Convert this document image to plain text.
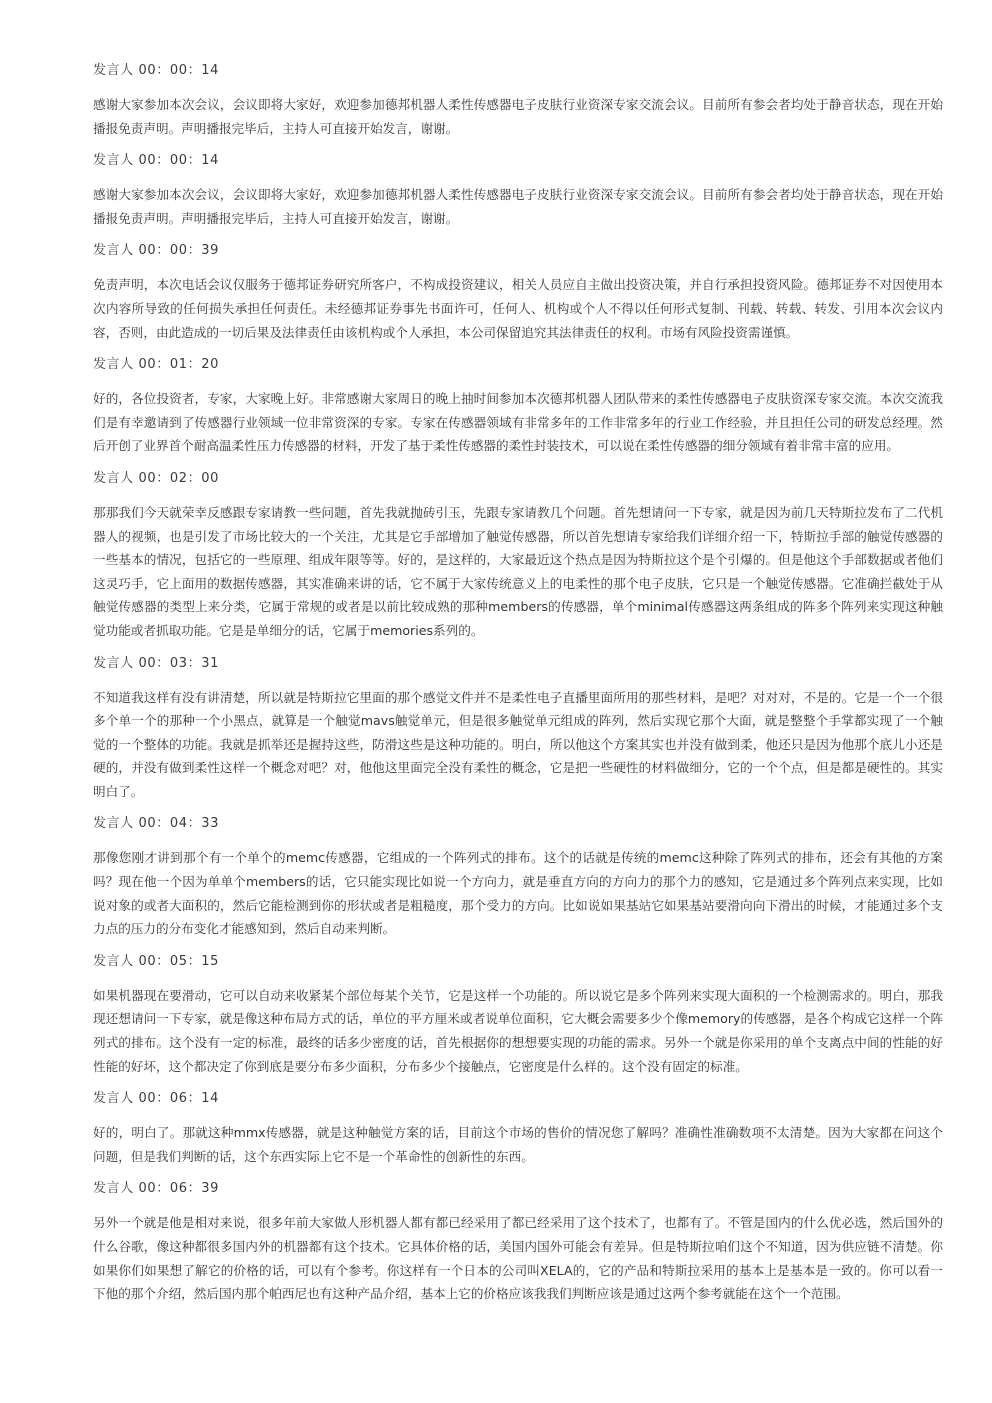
发言人 00：00：14

感谢大家参加本次会议，会议即将大家好，欢迎参加德邦机器人柔性传感器电子皮肤行业资深专家交流会议。目前所有参会者均处于静音状态，现在开始播报免责声明。声明播报完毕后，主持人可直接开始发言，谢谢。

发言人 00：00：14

感谢大家参加本次会议，会议即将大家好，欢迎参加德邦机器人柔性传感器电子皮肤行业资深专家交流会议。目前所有参会者均处于静音状态，现在开始播报免责声明。声明播报完毕后，主持人可直接开始发言，谢谢。

发言人 00：00：39

免责声明，本次电话会议仅服务于德邦证券研究所客户，不构成投资建议，相关人员应自主做出投资决策，并自行承担投资风险。德邦证券不对因使用本次内容所导致的任何损失承担任何责任。未经德邦证券事先书面许可，任何人、机构或个人不得以任何形式复制、刊载、转载、转发、引用本次会议内容，否则，由此造成的一切后果及法律责任由该机构或个人承担，本公司保留追究其法律责任的权利。市场有风险投资需谨慎。

发言人 00：01：20

好的，各位投资者，专家，大家晚上好。非常感谢大家周日的晚上抽时间参加本次德邦机器人团队带来的柔性传感器电子皮肤资深专家交流。本次交流我们是有幸邀请到了传感器行业领域一位非常资深的专家。专家在传感器领域有非常多年的工作非常多年的行业工作经验，并且担任公司的研发总经理。然后开创了业界首个耐高温柔性压力传感器的材料，开发了基于柔性传感器的柔性封装技术，可以说在柔性传感器的细分领域有着非常丰富的应用。

发言人 00：02：00

那那我们今天就荣幸反感跟专家请教一些问题，首先我就抛砖引玉，先跟专家请教几个问题。首先想请问一下专家，就是因为前几天特斯拉发布了二代机器人的视频，也是引发了市场比较大的一个关注，尤其是它手部增加了触觉传感器，所以首先想请专家给我们详细介绍一下，特斯拉手部的触觉传感器的一些基本的情况，包括它的一些原理、组成年限等等。好的，是这样的，大家最近这个热点是因为特斯拉这个是个引爆的。但是他这个手部数据或者他们这灵巧手，它上面用的数据传感器，其实准确来讲的话，它不属于大家传统意义上的电柔性的那个电子皮肤，它只是一个触觉传感器。它准确拦截处于从触觉传感器的类型上来分类，它属于常规的或者是以前比较成熟的那种members的传感器，单个minimal传感器这两条组成的阵多个阵列来实现这种触觉功能或者抓取功能。它是是单细分的话，它属于memories系列的。

发言人 00：03：31

不知道我这样有没有讲清楚，所以就是特斯拉它里面的那个感觉文件并不是柔性电子直播里面所用的那些材料，是吧？对对对，不是的。它是一个一个很多个单一个的那种一个小黑点，就算是一个触觉mavs触觉单元，但是很多触觉单元组成的阵列，然后实现它那个大面，就是整整个手掌都实现了一个触觉的一个整体的功能。我就是抓举还是握持这些，防滑这些是这种功能的。明白，所以他这个方案其实也并没有做到柔，他还只是因为他那个底儿小还是硬的，并没有做到柔性这样一个概念对吧？对，他他这里面完全没有柔性的概念，它是把一些硬性的材料做细分，它的一个个点，但是都是硬性的。其实明白了。

发言人 00：04：33

那像您刚才讲到那个有一个单个的memc传感器，它组成的一个阵列式的排布。这个的话就是传统的memc这种除了阵列式的排布，还会有其他的方案吗？现在他一个因为单单个members的话，它只能实现比如说一个方向力，就是垂直方向的方向力的那个力的感知，它是通过多个阵列点来实现，比如说对象的或者大面积的，然后它能检测到你的形状或者是粗糙度，那个受力的方向。比如说如果基站它如果基站要滑向向下滑出的时候，才能通过多个支力点的压力的分布变化才能感知到，然后自动来判断。

发言人 00：05：15

如果机器现在要滑动，它可以自动来收紧某个部位每某个关节，它是这样一个功能的。所以说它是多个阵列来实现大面积的一个检测需求的。明白，那我现还想请问一下专家，就是像这种布局方式的话，单位的平方厘米或者说单位面积，它大概会需要多少个像memory的传感器，是各个构成它这样一个阵列式的排布。这个没有一定的标准，最终的话多少密度的话，首先根据你的想想要实现的功能的需求。另外一个就是你采用的单个支离点中间的性能的好性能的好坏，这个都决定了你到底是要分布多少面积，分布多少个接触点，它密度是什么样的。这个没有固定的标准。

发言人 00：06：14

好的，明白了。那就这种mmx传感器，就是这种触觉方案的话，目前这个市场的售价的情况您了解吗？准确性准确数项不太清楚。因为大家都在问这个问题，但是我们判断的话，这个东西实际上它不是一个革命性的创新性的东西。

发言人 00：06：39

另外一个就是他是相对来说，很多年前大家做人形机器人都有都已经采用了都已经采用了这个技术了，也都有了。不管是国内的什么优必选，然后国外的什么谷歌，像这种都很多国内外的机器都有这个技术。它具体价格的话，美国内国外可能会有差异。但是特斯拉咱们这个不知道，因为供应链不清楚。你如果你们如果想了解它的价格的话，可以有个参考。你这样有一个日本的公司叫XELA的，它的产品和特斯拉采用的基本上是基本是一致的。你可以看一下他的那个介绍，然后国内那个帕西尼也有这种产品介绍，基本上它的价格应该我我们判断应该是通过这两个参考就能在这个一个范围。
